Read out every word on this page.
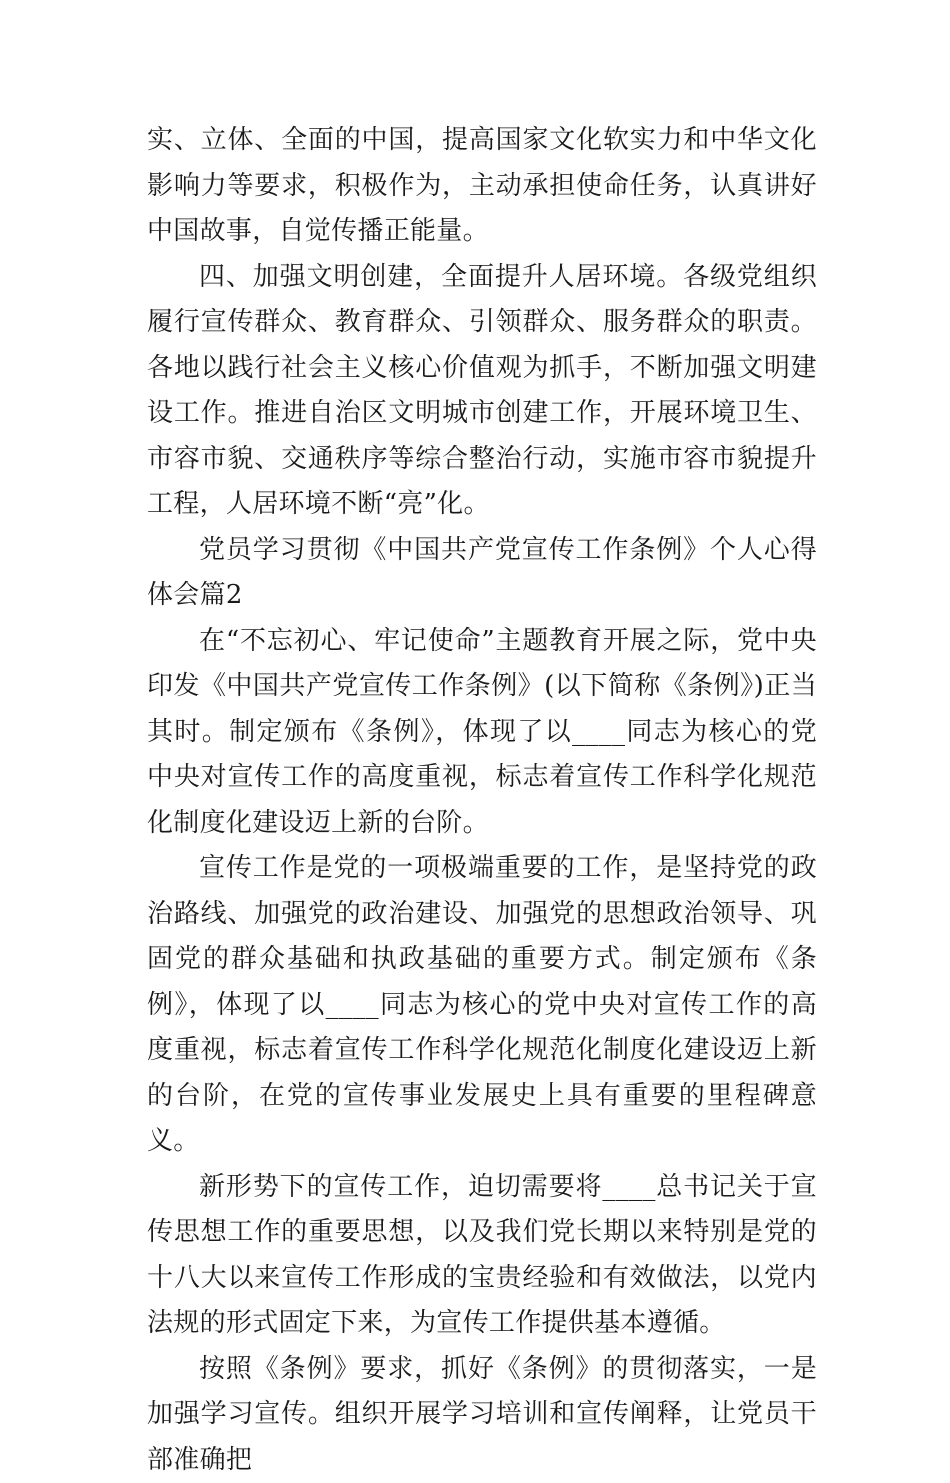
实、立体、全面的中国，提高国家文化软实力和中华文化影响力等要求，积极作为，主动承担使命任务，认真讲好中国故事，自觉传播正能量。

四、加强文明创建，全面提升人居环境。各级党组织履行宣传群众、教育群众、引领群众、服务群众的职责。各地以践行社会主义核心价值观为抓手，不断加强文明建设工作。推进自治区文明城市创建工作，开展环境卫生、市容市貌、交通秩序等综合整治行动，实施市容市貌提升工程，人居环境不断“亮”化。

党员学习贯彻《中国共产党宣传工作条例》个人心得体会篇2

在“不忘初心、牢记使命”主题教育开展之际，党中央印发《中国共产党宣传工作条例》(以下简称《条例》)正当其时。制定颁布《条例》，体现了以____同志为核心的党中央对宣传工作的高度重视，标志着宣传工作科学化规范化制度化建设迈上新的台阶。

宣传工作是党的一项极端重要的工作，是坚持党的政治路线、加强党的政治建设、加强党的思想政治领导、巩固党的群众基础和执政基础的重要方式。制定颁布《条例》，体现了以____同志为核心的党中央对宣传工作的高度重视，标志着宣传工作科学化规范化制度化建设迈上新的台阶，在党的宣传事业发展史上具有重要的里程碑意义。

新形势下的宣传工作，迫切需要将____总书记关于宣传思想工作的重要思想，以及我们党长期以来特别是党的十八大以来宣传工作形成的宝贵经验和有效做法，以党内法规的形式固定下来，为宣传工作提供基本遵循。

按照《条例》要求，抓好《条例》的贯彻落实，一是加强学习宣传。组织开展学习培训和宣传阐释，让党员干部准确把
